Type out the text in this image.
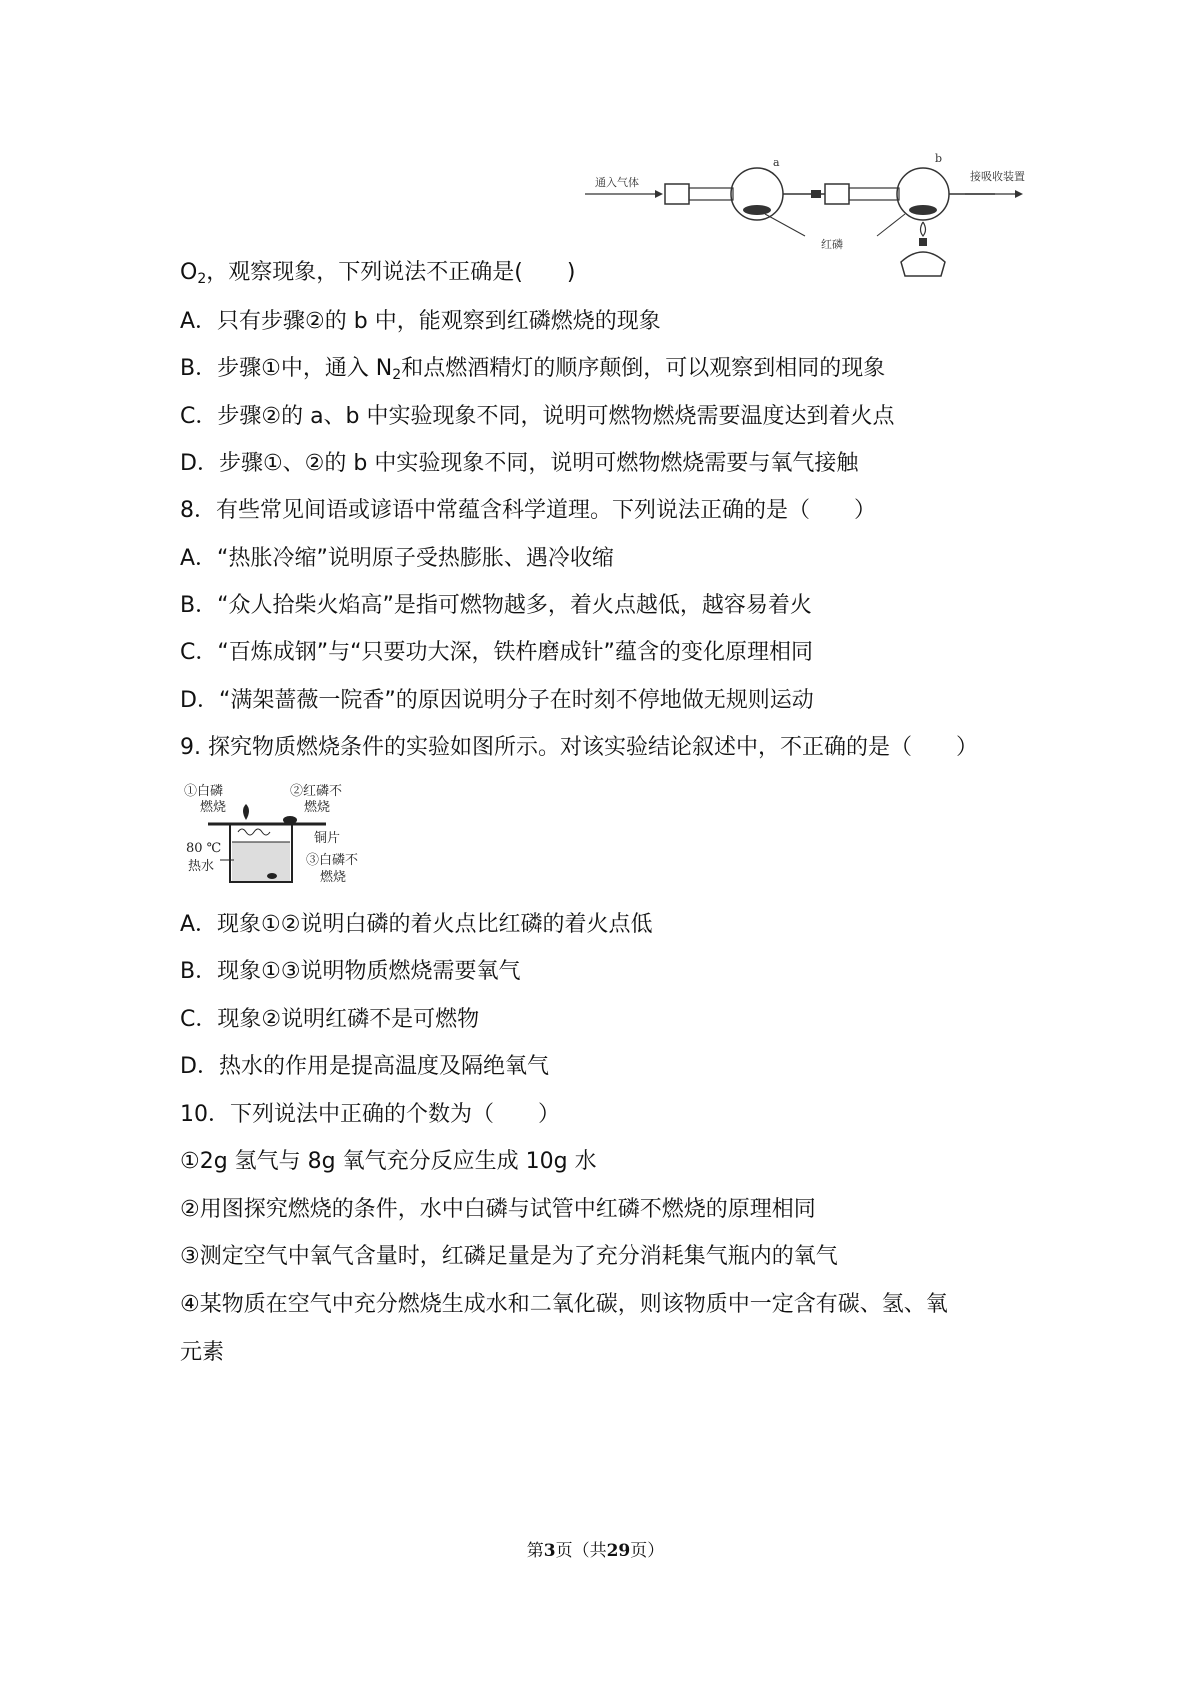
通入气体
a	b
接吸收装置
红磷
$O_2$，观察现象，下列说法不正确是(　　)
A．只有步骤②的 b 中，能观察到红磷燃烧的现象
B．步骤①中，通入 $N_2$和点燃酒精灯的顺序颠倒，可以观察到相同的现象
C．步骤②的 a、b 中实验现象不同，说明可燃物燃烧需要温度达到着火点
D．步骤①、②的 b 中实验现象不同，说明可燃物燃烧需要与氧气接触
8．有些常见间语或谚语中常蕴含科学道理。下列说法正确的是（　　）
A．“热胀冷缩”说明原子受热膨胀、遇冷收缩
B．“众人拾柴火焰高”是指可燃物越多，着火点越低，越容易着火
C．“百炼成钢”与“只要功大深，铁杵磨成针”蕴含的变化原理相同
D．“满架蔷薇一院香”的原因说明分子在时刻不停地做无规则运动
9. 探究物质燃烧条件的实验如图所示。对该实验结论叙述中，不正确的是（　　）
①白磷
燃烧
②红磷不
燃烧
铜片
80 ℃
热水	③白磷不
燃烧
A．现象①②说明白磷的着火点比红磷的着火点低
B．现象①③说明物质燃烧需要氧气
C．现象②说明红磷不是可燃物
D．热水的作用是提高温度及隔绝氧气
10．下列说法中正确的个数为（　　）
①2g 氢气与 8g 氧气充分反应生成 10g 水
②用图探究燃烧的条件，水中白磷与试管中红磷不燃烧的原理相同
③测定空气中氧气含量时，红磷足量是为了充分消耗集气瓶内的氧气
④某物质在空气中充分燃烧生成水和二氧化碳，则该物质中一定含有碳、氢、氧
元素
第3页（共29页）
